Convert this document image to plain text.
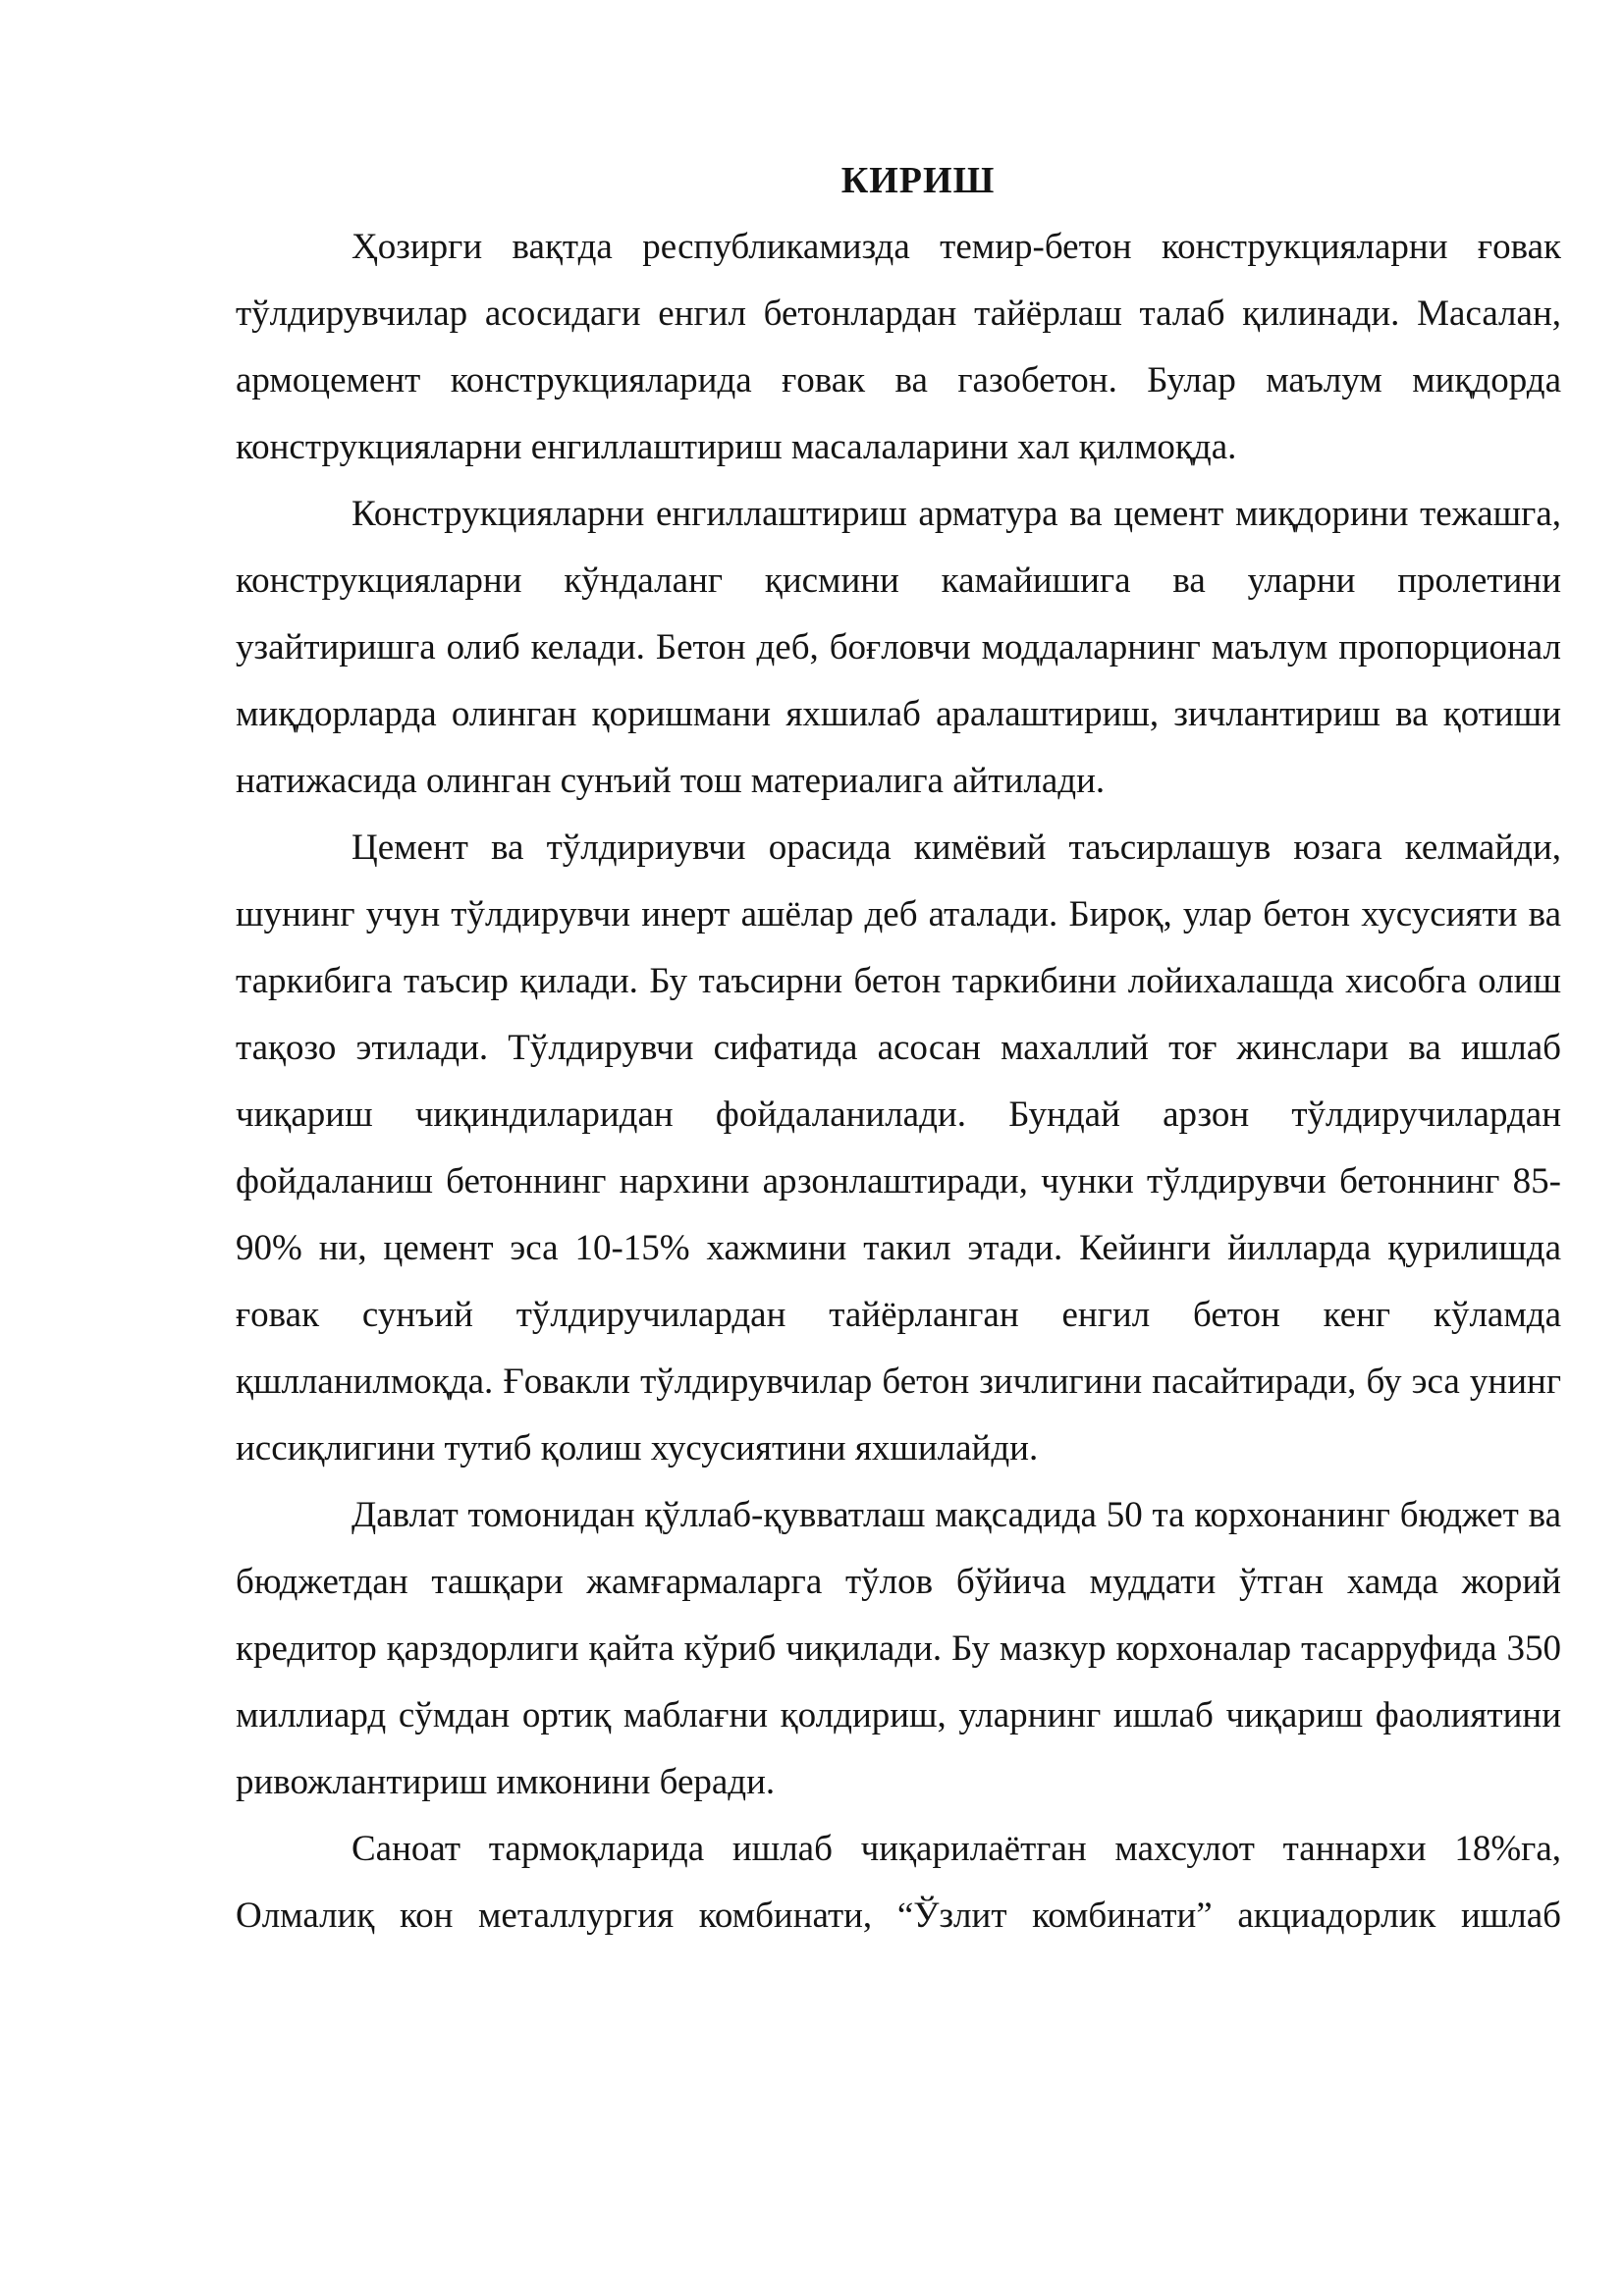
КИРИШ

Ҳозирги вақтда республикамизда темир-бетон конструкцияларни ғовак тўлдирувчилар асосидаги енгил бетонлардан тайёрлаш талаб қилинади. Масалан, армоцемент конструкцияларида ғовак ва газобетон. Булар маълум миқдорда конструкцияларни енгиллаштириш масалаларини хал қилмоқда.

Конструкцияларни енгиллаштириш арматура ва цемент миқдорини тежашга, конструкцияларни кўндаланг қисмини камайишига ва уларни пролетини узайтиришга олиб келади. Бетон деб, боғловчи моддаларнинг маълум пропорционал миқдорларда олинган қоришмани яхшилаб аралаштириш, зичлантириш ва қотиши натижасида олинган сунъий тош материалига айтилади.

Цемент ва тўлдириувчи орасида кимёвий таъсирлашув юзага келмайди, шунинг учун тўлдирувчи инерт ашёлар деб аталади. Бироқ, улар бетон хусусияти ва таркибига таъсир қилади. Бу таъсирни бетон таркибини лойихалашда хисобга олиш тақозо этилади. Тўлдирувчи сифатида асосан махаллий тоғ жинслари ва ишлаб чиқариш чиқиндиларидан фойдаланилади. Бундай арзон тўлдиручилардан фойдаланиш бетоннинг нархини арзонлаштиради, чунки тўлдирувчи бетоннинг 85-90% ни, цемент эса 10-15% хажмини такил этади. Кейинги йилларда қурилишда ғовак сунъий тўлдиручилардан тайёрланган енгил бетон кенг кўламда қшлланилмоқда. Ғовакли тўлдирувчилар бетон зичлигини пасайтиради, бу эса унинг иссиқлигини тутиб қолиш хусусиятини яхшилайди.

Давлат томонидан қўллаб-қувватлаш мақсадида 50 та корхонанинг бюджет ва бюджетдан ташқари жамғармаларга тўлов бўйича муддати ўтган хамда жорий кредитор қарздорлиги қайта кўриб чиқилади. Бу мазкур корхоналар тасарруфида 350 миллиард сўмдан ортиқ маблағни қолдириш, уларнинг ишлаб чиқариш фаолиятини ривожлантириш имконини беради.

Саноат тармоқларида ишлаб чиқарилаётган махсулот таннархи 18%га, Олмалиқ кон металлургия комбинати, “Ўзлит комбинати” акциадорлик ишлаб
